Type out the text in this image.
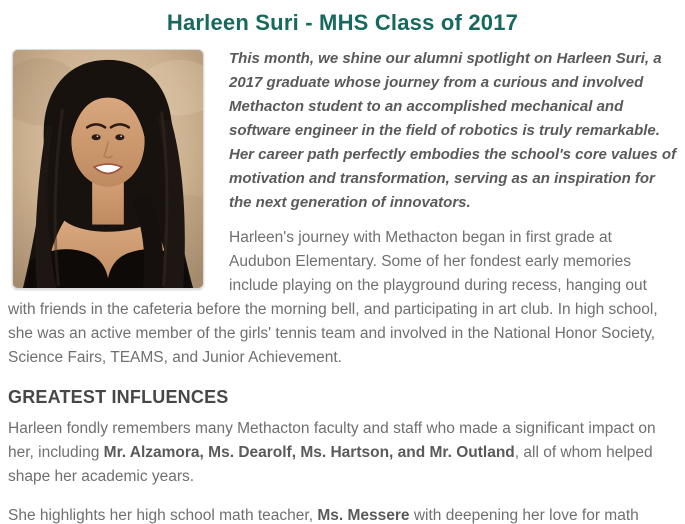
Harleen Suri - MHS Class of 2017

This month, we shine our alumni spotlight on Harleen Suri, a 2017 graduate whose journey from a curious and involved Methacton student to an accomplished mechanical and software engineer in the field of robotics is truly remarkable. Her career path perfectly embodies the school's core values of motivation and transformation, serving as an inspiration for the next generation of innovators.

Harleen's journey with Methacton began in first grade at Audubon Elementary. Some of her fondest early memories include playing on the playground during recess, hanging out with friends in the cafeteria before the morning bell, and participating in art club. In high school, she was an active member of the girls' tennis team and involved in the National Honor Society, Science Fairs, TEAMS, and Junior Achievement.

GREATEST INFLUENCES

Harleen fondly remembers many Methacton faculty and staff who made a significant impact on her, including Mr. Alzamora, Ms. Dearolf, Ms. Hartson, and Mr. Outland, all of whom helped shape her academic years.

She highlights her high school math teacher, Ms. Messere with deepening her love for math
